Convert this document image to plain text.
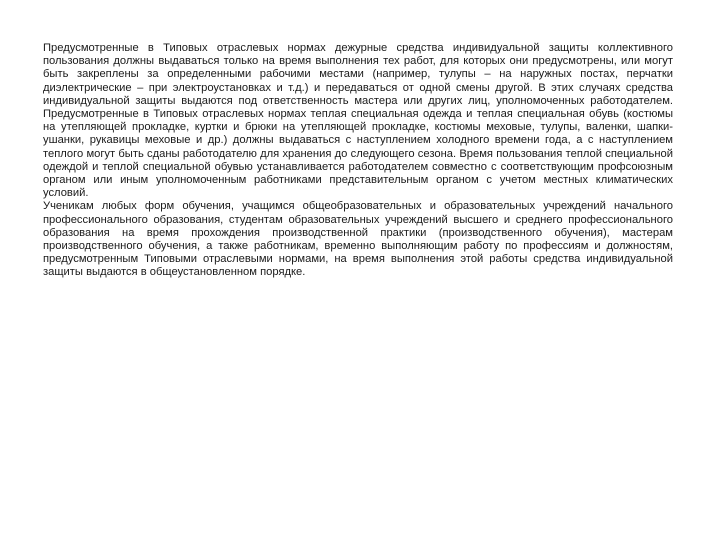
Предусмотренные в Типовых отраслевых нормах дежурные средства индивидуальной защиты коллективного пользования должны выдаваться только на время выполнения тех работ, для которых они предусмотрены, или могут быть закреплены за определенными рабочими местами (например, тулупы – на наружных постах, перчатки диэлектрические – при электроустановках и т.д.) и передаваться от одной смены другой. В этих случаях средства индивидуальной защиты выдаются под ответственность мастера или других лиц, уполномоченных работодателем.

Предусмотренные в Типовых отраслевых нормах теплая специальная одежда и теплая специальная обувь (костюмы на утепляющей прокладке, куртки и брюки на утепляющей прокладке, костюмы меховые, тулупы, валенки, шапки-ушанки, рукавицы меховые и др.) должны выдаваться с наступлением холодного времени года, а с наступлением теплого могут быть сданы работодателю для хранения до следующего сезона. Время пользования теплой специальной одеждой и теплой специальной обувью устанавливается работодателем совместно с соответствующим профсоюзным органом или иным уполномоченным работниками представительным органом с учетом местных климатических условий.

Ученикам любых форм обучения, учащимся общеобразовательных и образовательных учреждений начального профессионального образования, студентам образовательных учреждений высшего и среднего профессионального образования на время прохождения производственной практики (производственного обучения), мастерам производственного обучения, а также работникам, временно выполняющим работу по профессиям и должностям, предусмотренным Типовыми отраслевыми нормами, на время выполнения этой работы средства индивидуальной защиты выдаются в общеустановленном порядке.
